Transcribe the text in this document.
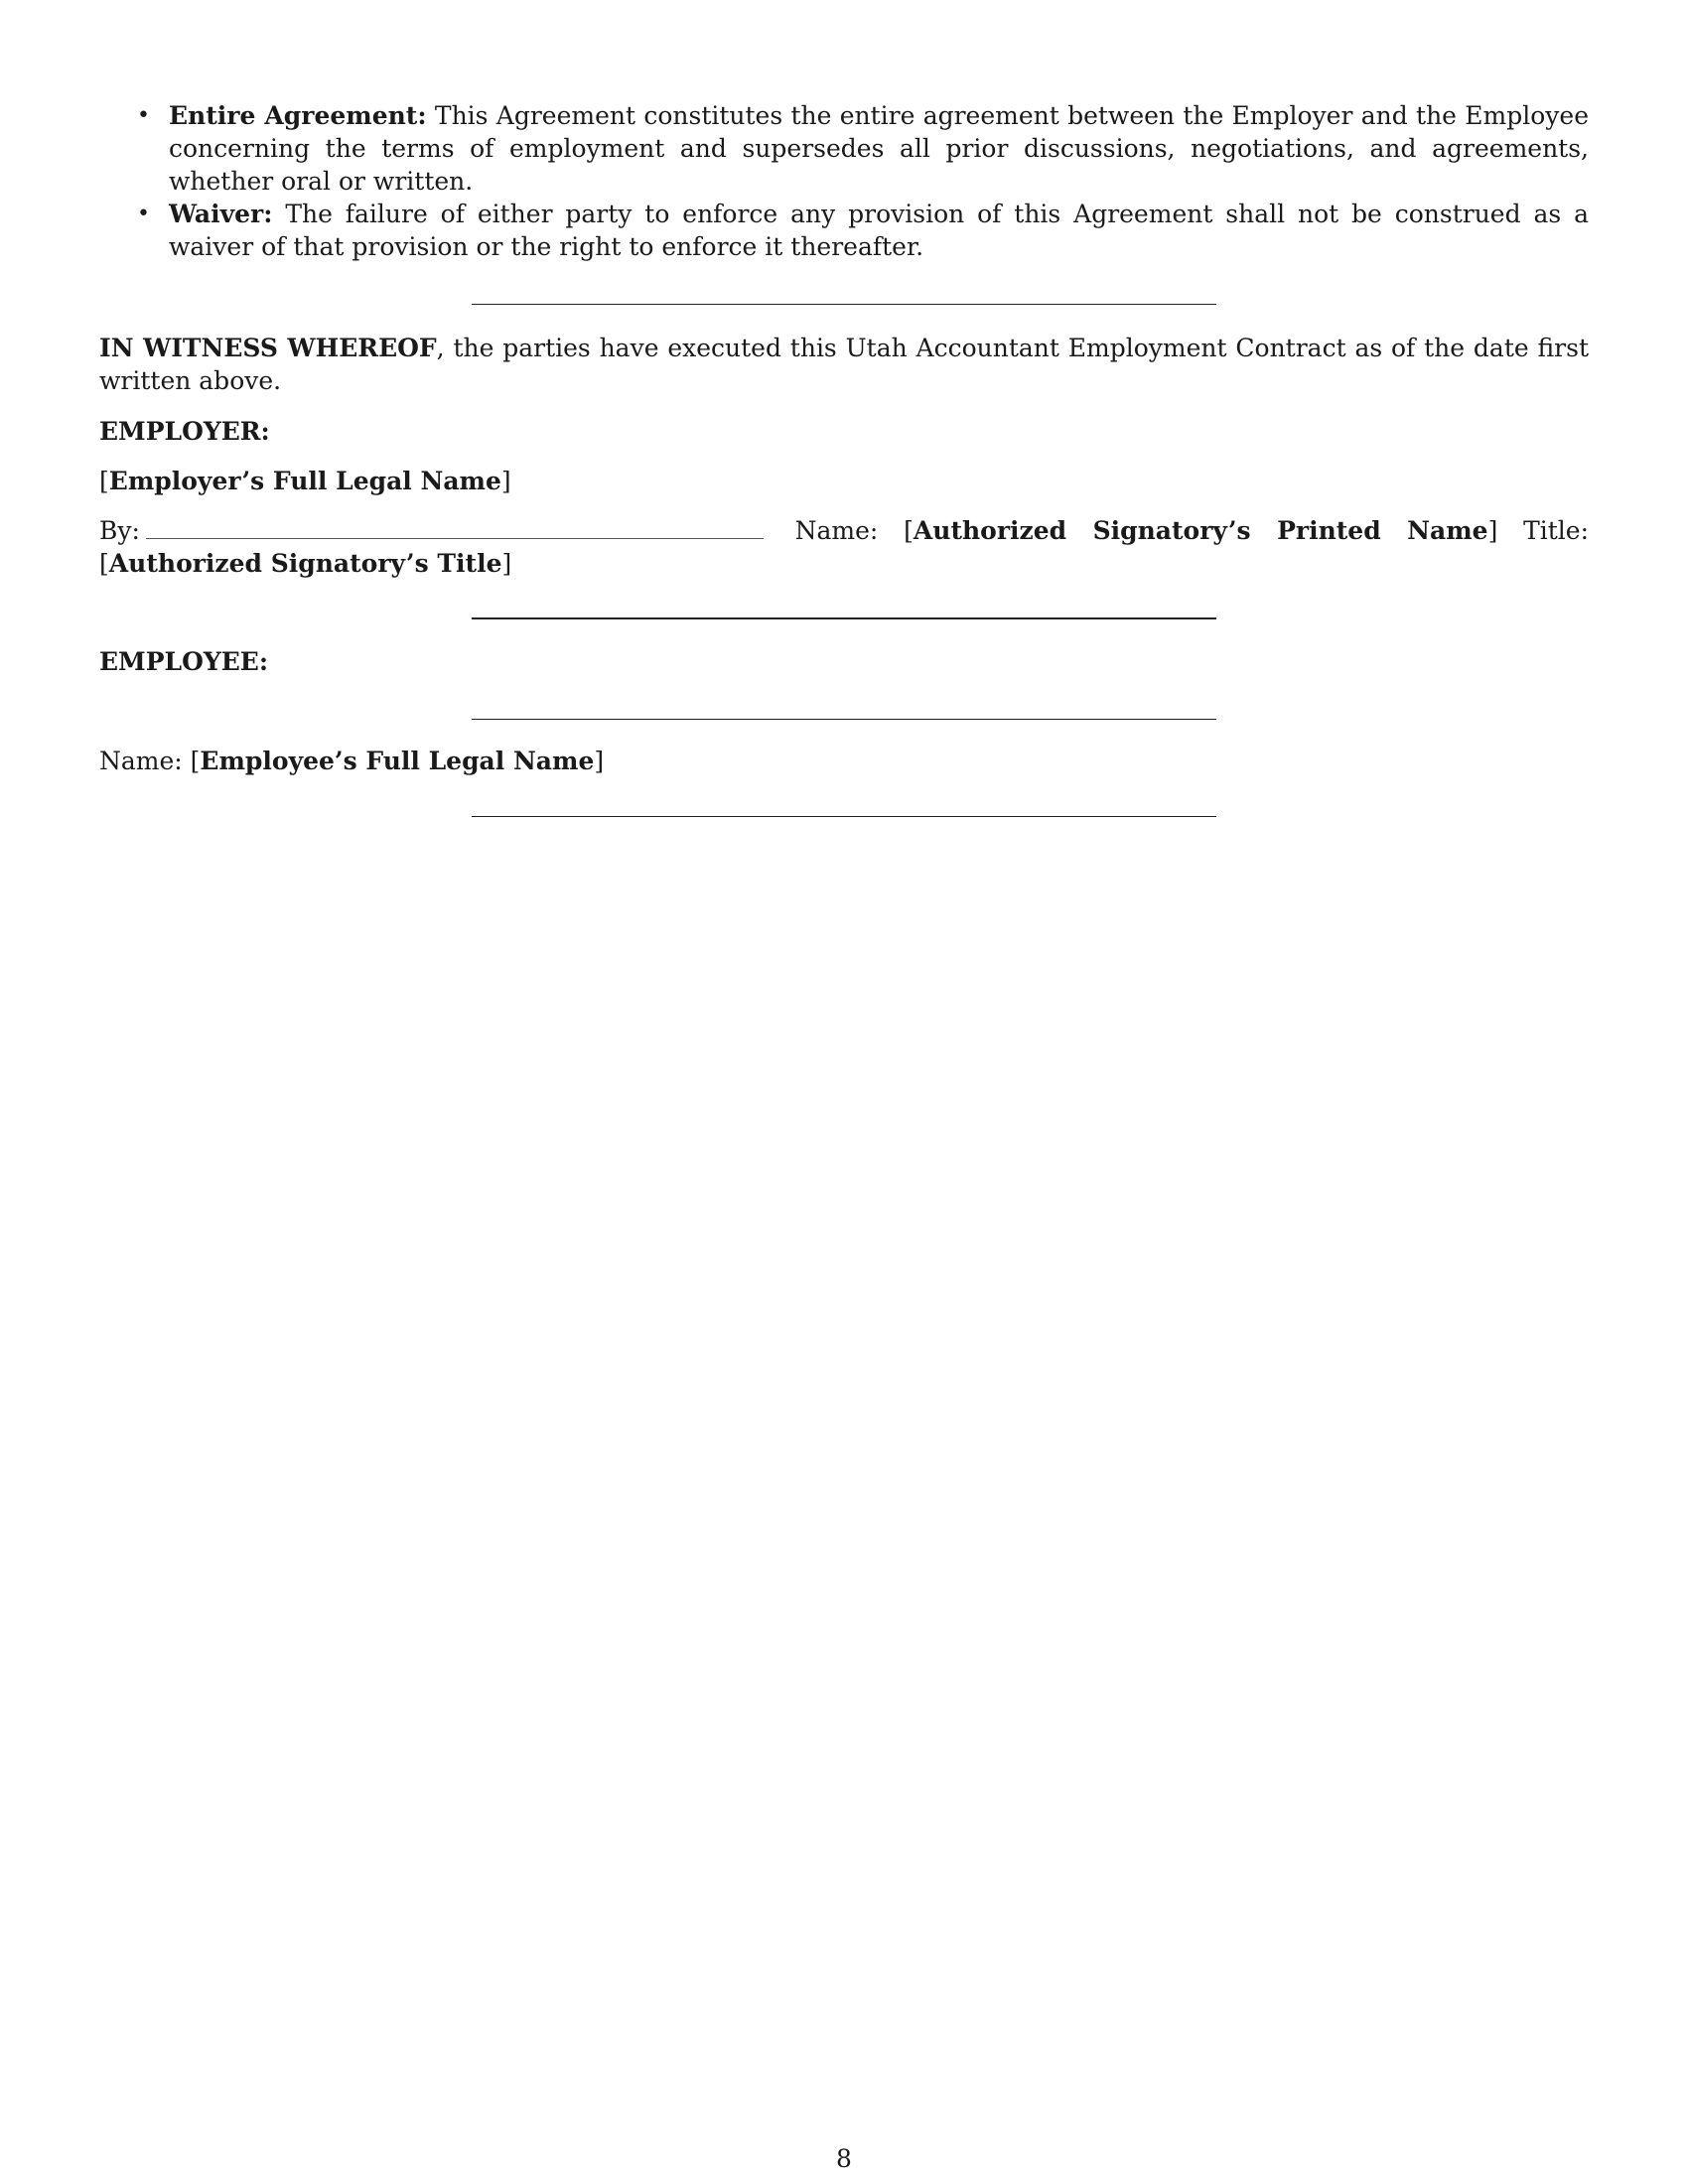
• Entire Agreement: This Agreement constitutes the entire agreement between the Employer and the Employee concerning the terms of employment and supersedes all prior discussions, negotiations, and agreements, whether oral or written.
• Waiver: The failure of either party to enforce any provision of this Agreement shall not be construed as a waiver of that provision or the right to enforce it thereafter.

IN WITNESS WHEREOF, the parties have executed this Utah Accountant Employment Contract as of the date first written above.

EMPLOYER:

[Employer’s Full Legal Name]

By:	Name: [Authorized Signatory’s Printed Name] Title: [Authorized Signatory’s Title]

EMPLOYEE:

Name: [Employee’s Full Legal Name]

8
